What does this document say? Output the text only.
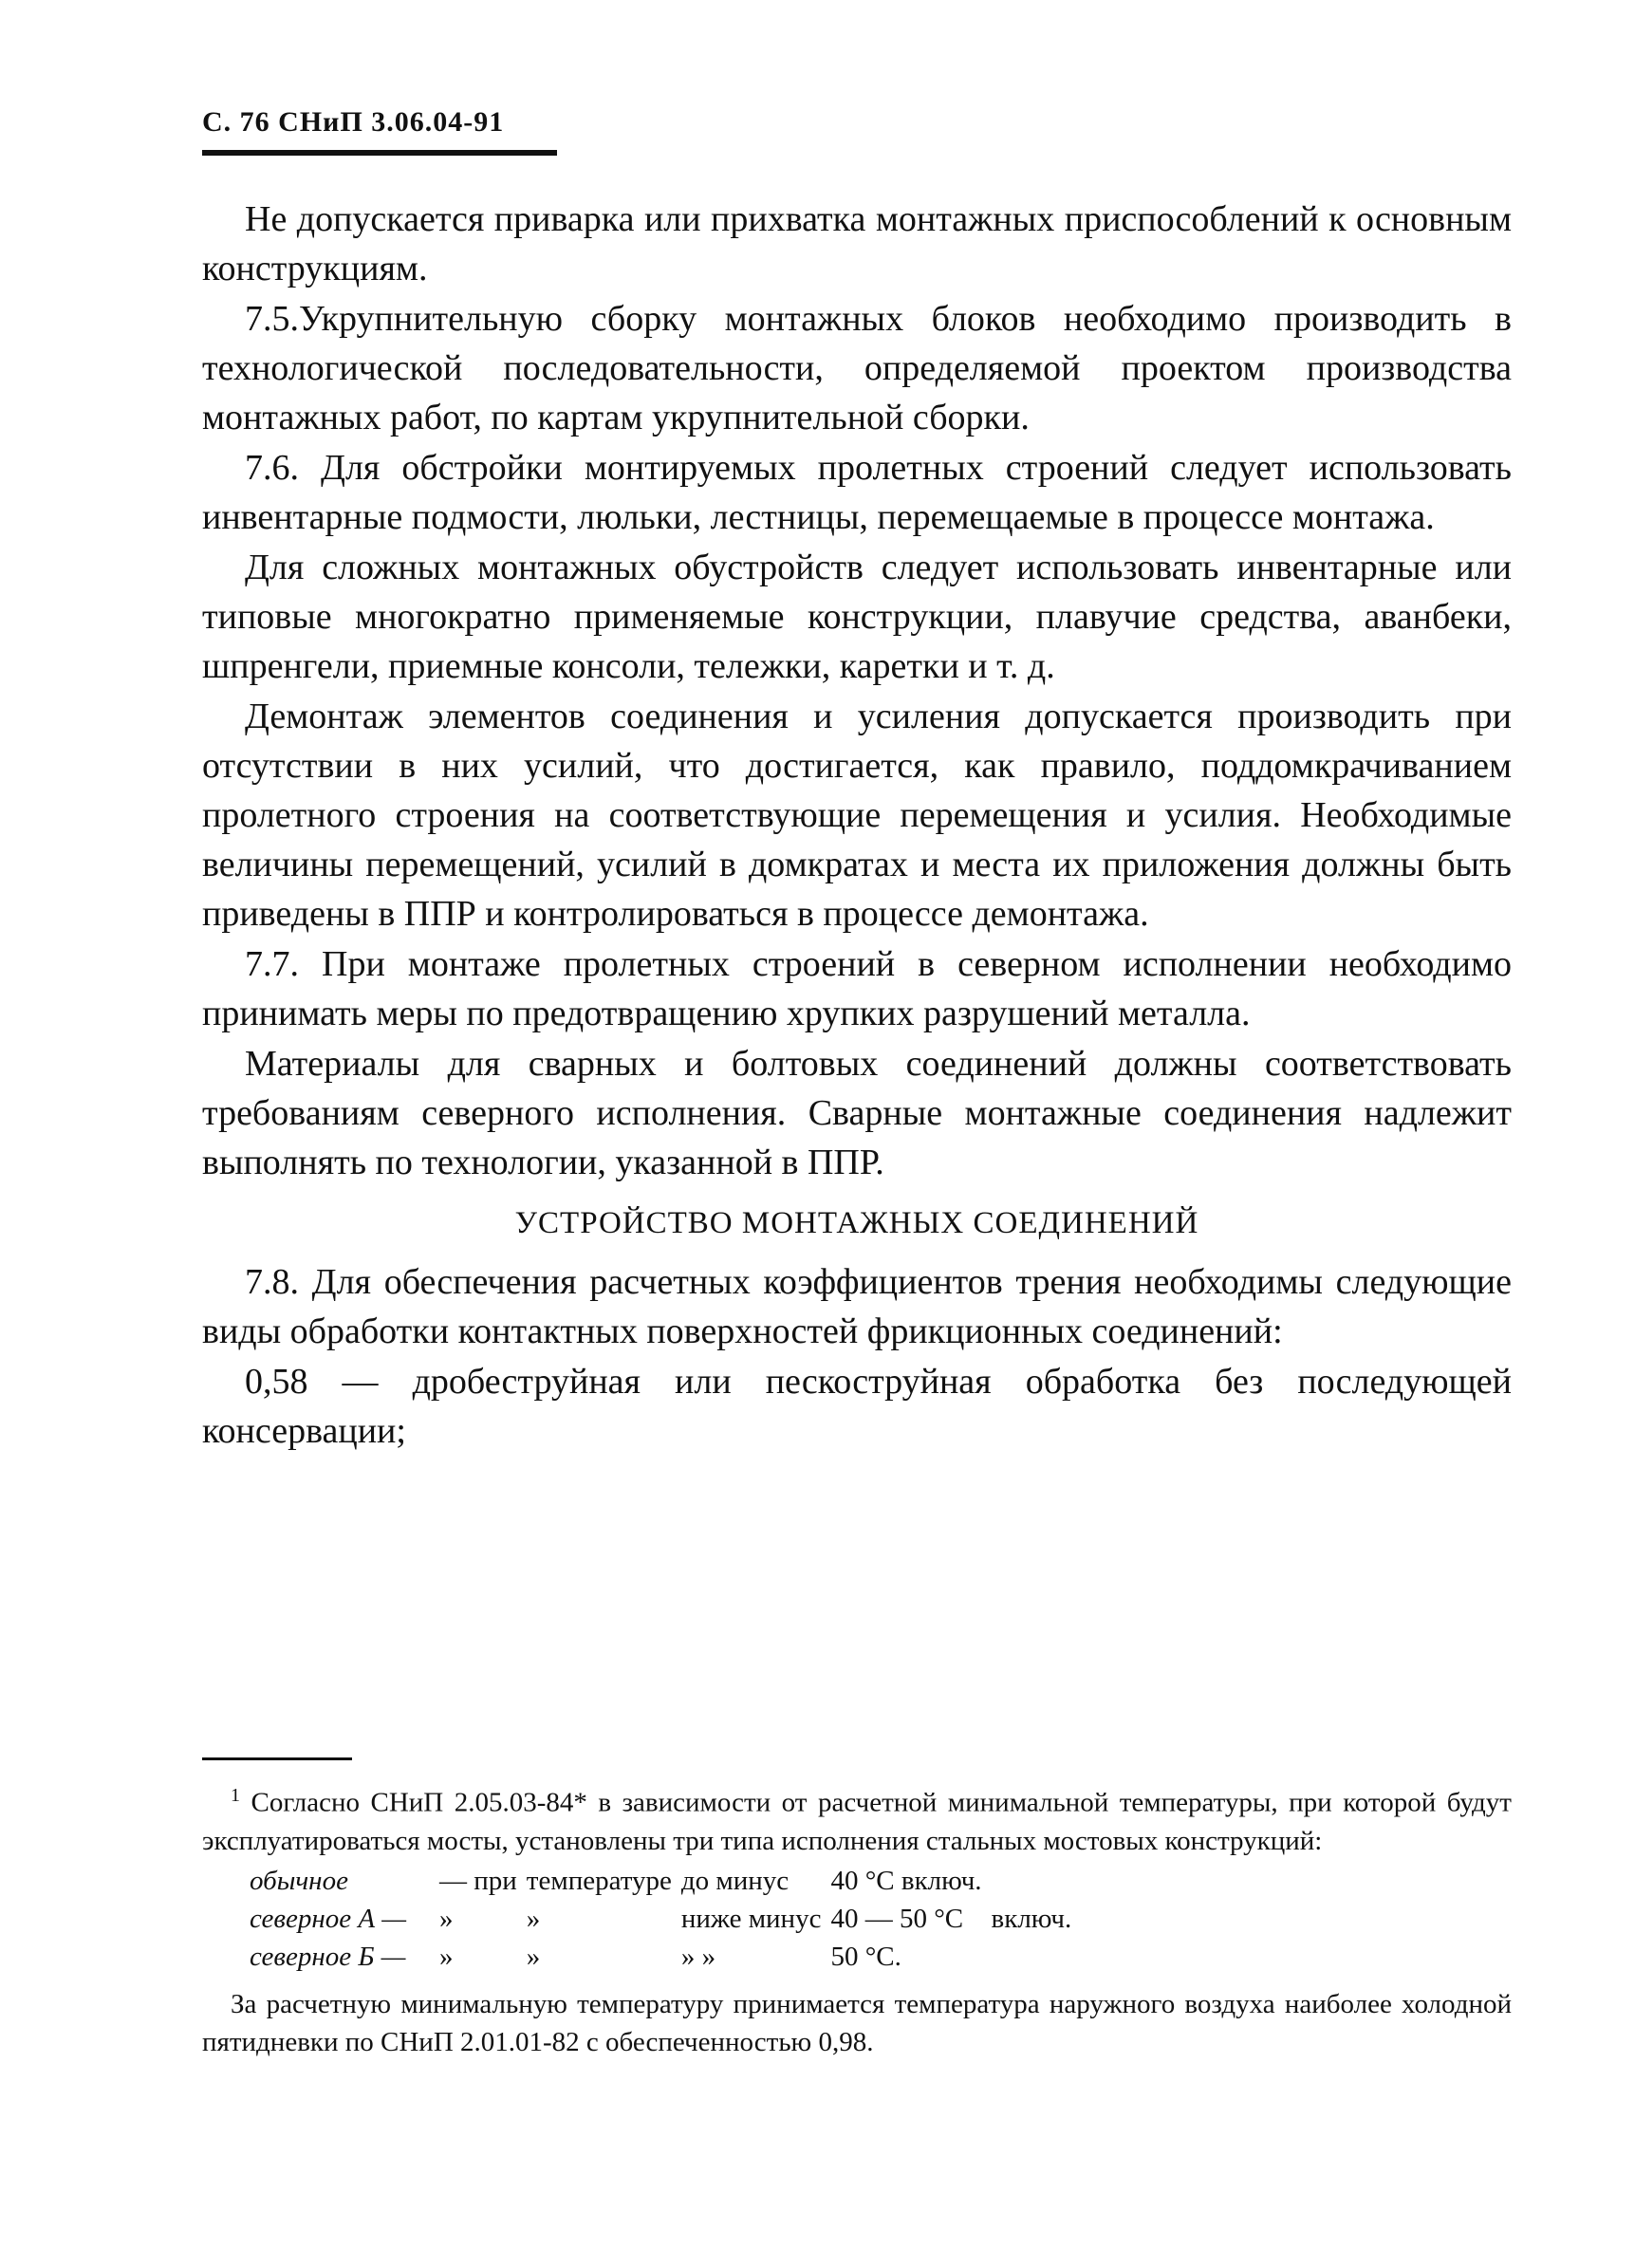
С. 76 СНиП 3.06.04-91

Не допускается приварка или прихватка монтажных приспособлений к основным конструкциям.

7.5.Укрупнительную сборку монтажных блоков необходимо производить в технологической последовательности, определяемой проектом производства монтажных работ, по картам укрупнительной сборки.

7.6. Для обстройки монтируемых пролетных строений следует использовать инвентарные подмости, люльки, лестницы, перемещаемые в процессе монтажа.

Для сложных монтажных обустройств следует использовать инвентарные или типовые многократно применяемые конструкции, плавучие средства, аванбеки, шпренгели, приемные консоли, тележки, каретки и т. д.

Демонтаж элементов соединения и усиления допускается производить при отсутствии в них усилий, что достигается, как правило, поддомкрачиванием пролетного строения на соответствующие перемещения и усилия. Необходимые величины перемещений, усилий в домкратах и места их приложения должны быть приведены в ППР и контролироваться в процессе демонтажа.

7.7. При монтаже пролетных строений в северном исполнении необходимо принимать меры по предотвращению хрупких разрушений металла.

Материалы для сварных и болтовых соединений должны соответствовать требованиям северного исполнения. Сварные монтажные соединения надлежит выполнять по технологии, указанной в ППР.

УСТРОЙСТВО МОНТАЖНЫХ СОЕДИНЕНИЙ

7.8. Для обеспечения расчетных коэффициентов трения необходимы следующие виды обработки контактных поверхностей фрикционных соединений:

0,58 — дробеструйная или пескоструйная обработка без последующей консервации;

$^1$ Согласно СНиП 2.05.03-84* в зависимости от расчетной минимальной температуры, при которой будут эксплуатироваться мосты, установлены три типа исполнения стальных мостовых конструкций:

обычное	— при	температуре	до минус	40 °С включ.	
северное А —	»	»	ниже минус	40 — 50 °С	включ.
северное Б —	»	»	» »	50 °С.	

За расчетную минимальную температуру принимается температура наружного воздуха наиболее холодной пятидневки по СНиП 2.01.01-82 с обеспеченностью 0,98.
